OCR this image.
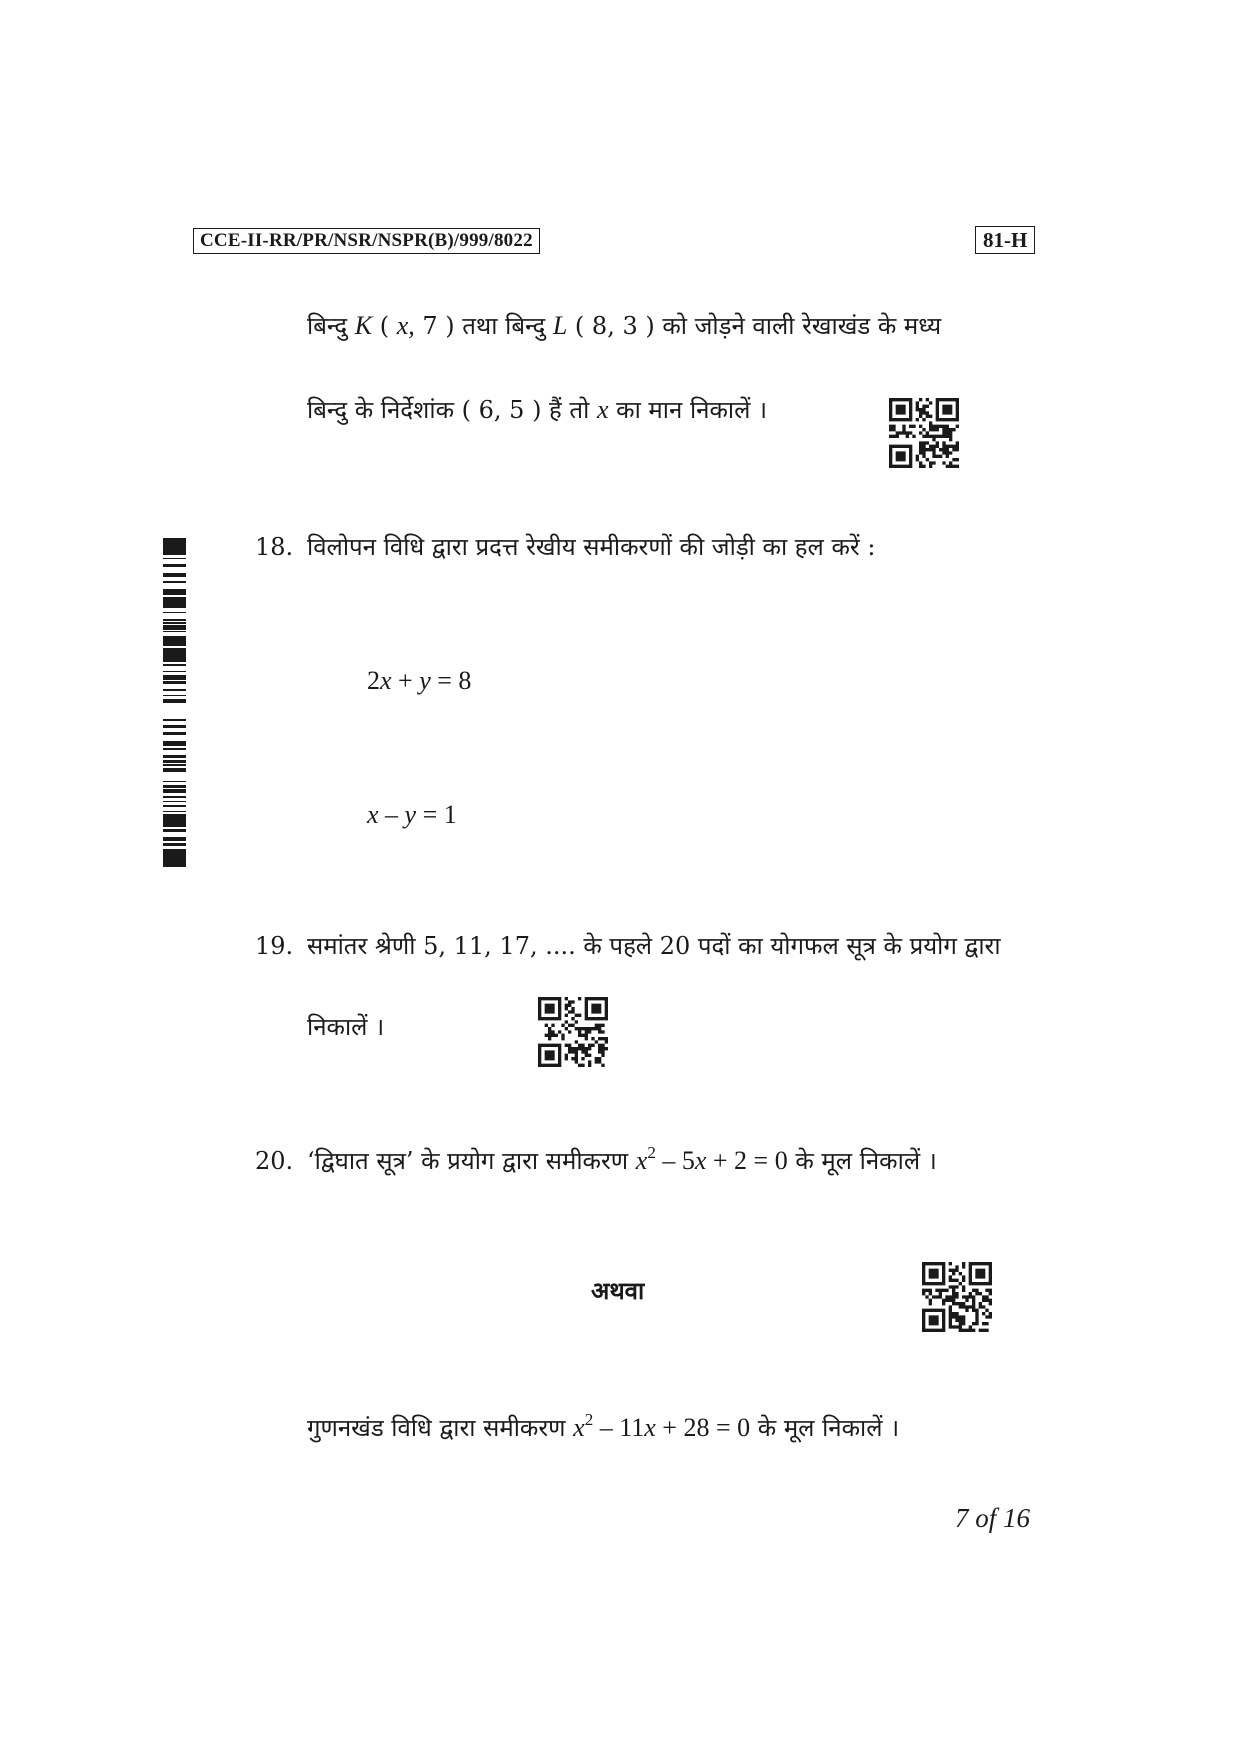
CCE-II-RR/PR/NSR/NSPR(B)/999/8022	81-H
बिन्दु K ( x, 7 ) तथा बिन्दु L ( 8, 3 ) को जोड़ने वाली रेखाखंड के मध्य
बिन्दु के निर्देशांक ( 6, 5 ) हैं तो x का मान निकालें ।
18. विलोपन विधि द्वारा प्रदत्त रेखीय समीकरणों की जोड़ी का हल करें :
2x + y = 8
x – y = 1
19. समांतर श्रेणी 5, 11, 17, .... के पहले 20 पदों का योगफल सूत्र के प्रयोग द्वारा
निकालें ।
20. ‘द्विघात सूत्र’ के प्रयोग द्वारा समीकरण $x^2 - 5x + 2 = 0$ के मूल निकालें ।
अथवा
गुणनखंड विधि द्वारा समीकरण $x^2 - 11x + 28 = 0$ के मूल निकालें ।
7 of 16
